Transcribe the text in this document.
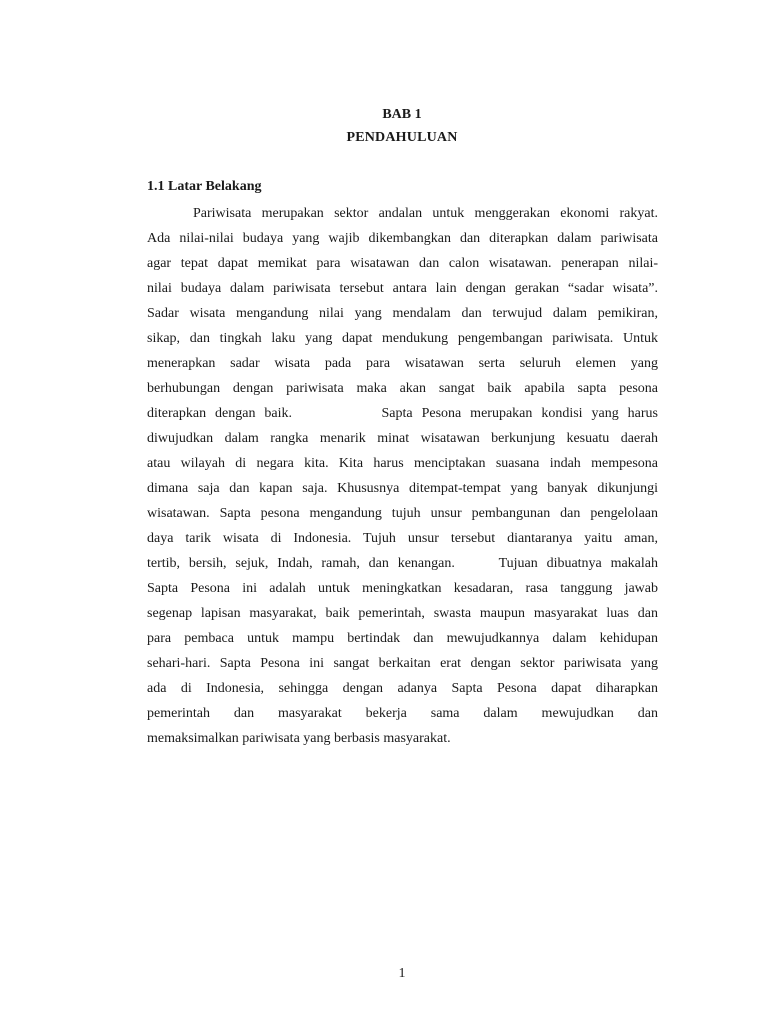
BAB 1
PENDAHULUAN
1.1 Latar Belakang
Pariwisata merupakan sektor andalan untuk menggerakan ekonomi rakyat.
Ada nilai-nilai budaya yang wajib dikembangkan dan diterapkan dalam pariwisata
agar tepat dapat memikat para wisatawan dan calon wisatawan. penerapan nilai-
nilai budaya dalam pariwisata tersebut antara lain dengan gerakan “sadar wisata”.
Sadar wisata mengandung nilai yang mendalam dan terwujud dalam pemikiran,
sikap, dan tingkah laku yang dapat mendukung pengembangan pariwisata. Untuk
menerapkan sadar wisata pada para wisatawan serta seluruh elemen yang
berhubungan dengan pariwisata maka akan sangat baik apabila sapta pesona
diterapkan dengan baik.          Sapta Pesona merupakan kondisi yang harus
diwujudkan dalam rangka menarik minat wisatawan berkunjung kesuatu daerah
atau wilayah di negara kita. Kita harus menciptakan suasana indah mempesona
dimana saja dan kapan saja. Khususnya ditempat-tempat yang banyak dikunjungi
wisatawan. Sapta pesona mengandung tujuh unsur pembangunan dan pengelolaan
daya tarik wisata di Indonesia. Tujuh unsur tersebut diantaranya yaitu aman,
tertib, bersih, sejuk, Indah, ramah, dan kenangan.     Tujuan dibuatnya makalah
Sapta Pesona ini adalah untuk meningkatkan kesadaran, rasa tanggung jawab
segenap lapisan masyarakat, baik pemerintah, swasta maupun masyarakat luas dan
para pembaca untuk mampu bertindak dan mewujudkannya dalam kehidupan
sehari-hari. Sapta Pesona ini sangat berkaitan erat dengan sektor pariwisata yang
ada di Indonesia, sehingga dengan adanya Sapta Pesona dapat diharapkan
pemerintah dan masyarakat bekerja sama dalam mewujudkan dan
memaksimalkan pariwisata yang berbasis masyarakat.
1
